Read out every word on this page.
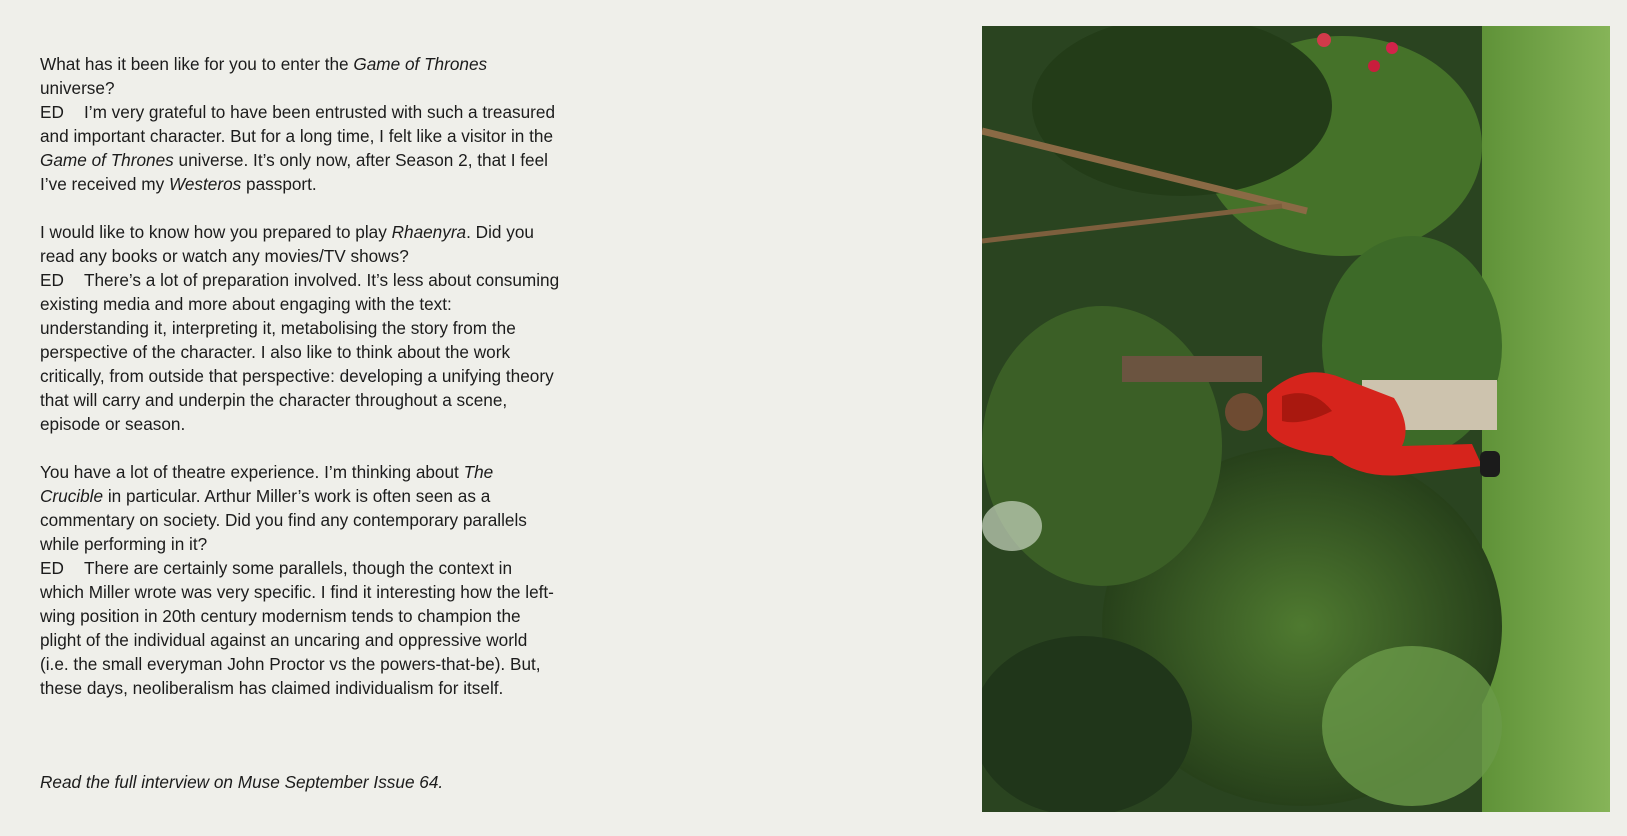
What has it been like for you to enter the Game of Thrones universe?

ED I’m very grateful to have been entrusted with such a treasured and important character. But for a long time, I felt like a visitor in the Game of Thrones universe. It’s only now, after Season 2, that I feel I’ve received my Westeros passport.

I would like to know how you prepared to play Rhaenyra. Did you read any books or watch any movies/TV shows?

ED There’s a lot of preparation involved. It’s less about consuming existing media and more about engaging with the text: understanding it, interpreting it, metabolising the story from the perspective of the character. I also like to think about the work critically, from outside that perspective: developing a unifying theory that will carry and underpin the character throughout a scene, episode or season.

You have a lot of theatre experience. I’m thinking about The Crucible in particular. Arthur Miller’s work is often seen as a commentary on society. Did you find any contemporary parallels while performing in it?

ED There are certainly some parallels, though the context in which Miller wrote was very specific. I find it interesting how the left-wing position in 20th century modernism tends to champion the plight of the individual against an uncaring and oppressive world (i.e. the small everyman John Proctor vs the powers-that-be). But, these days, neoliberalism has claimed individualism for itself.

Read the full interview on Muse September Issue 64.
